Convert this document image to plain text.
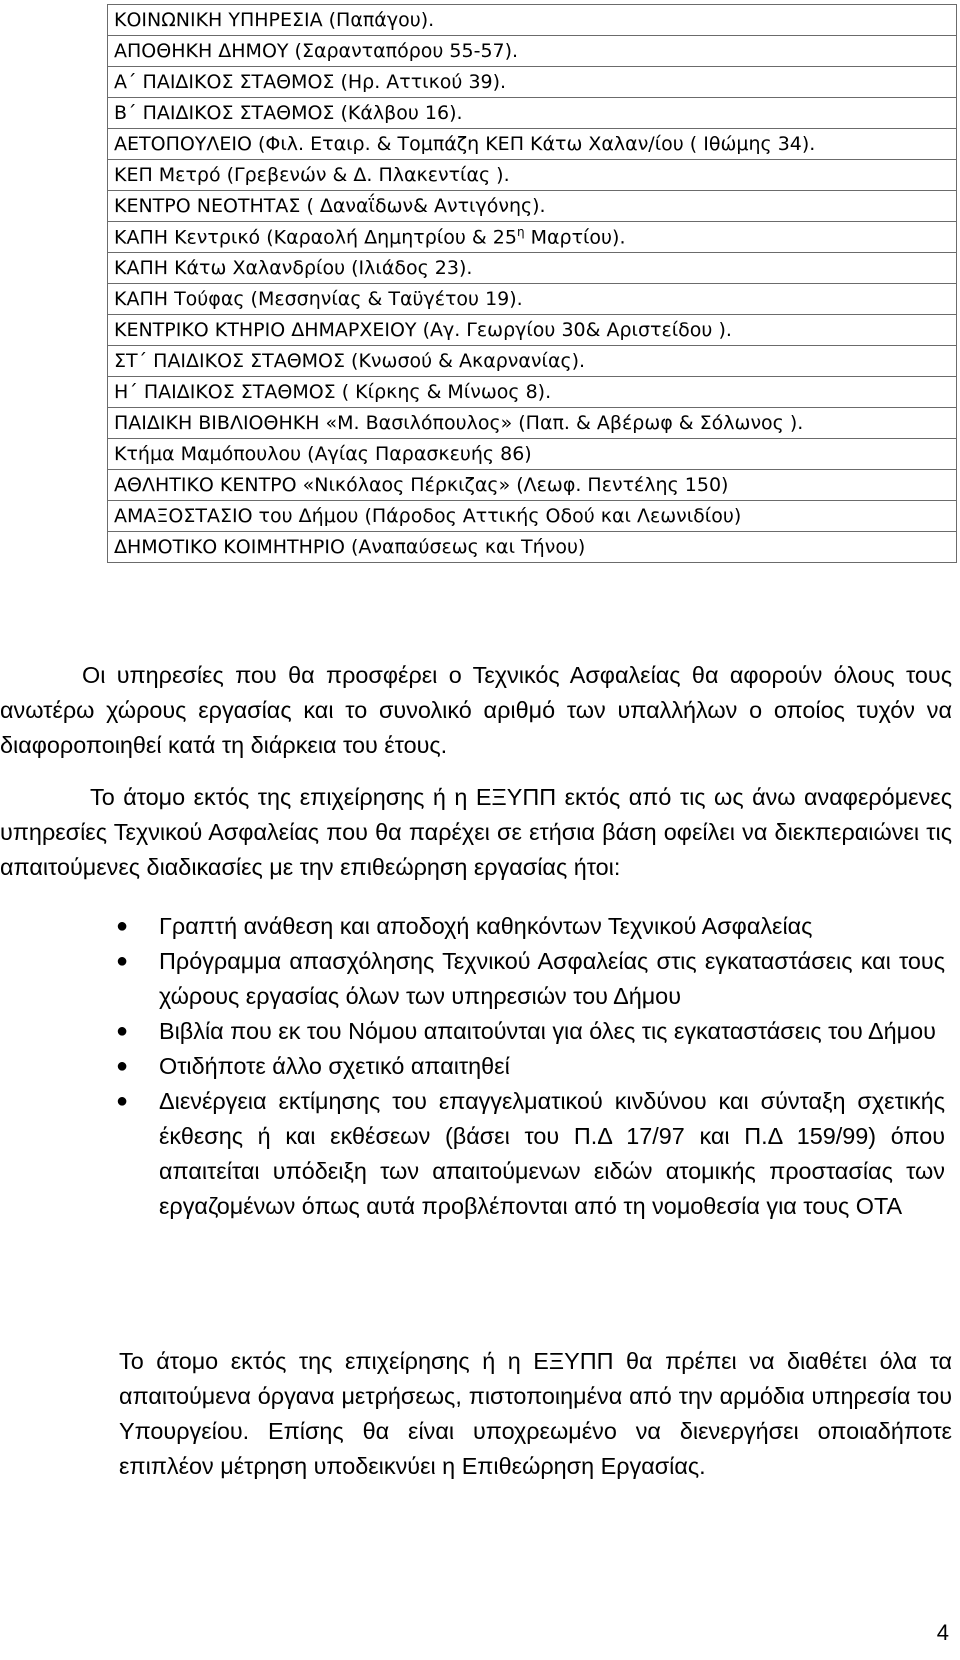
ΚΟΙΝΩΝΙΚΗ ΥΠΗΡΕΣΙΑ (Παπάγου).
ΑΠΟΘΗΚΗ ΔΗΜΟΥ (Σαρανταπόρου 55-57).
Α΄ ΠΑΙΔΙΚΟΣ ΣΤΑΘΜΟΣ (Ηρ. Αττικού 39).
Β΄ ΠΑΙΔΙΚΟΣ ΣΤΑΘΜΟΣ (Κάλβου 16).
ΑΕΤΟΠΟΥΛΕΙΟ (Φιλ. Εταιρ. & Τομπάζη ΚΕΠ Κάτω Χαλαν/ίου ( Ιθώμης 34).
ΚΕΠ Μετρό (Γρεβενών & Δ. Πλακεντίας ).
ΚΕΝΤΡΟ ΝΕΟΤΗΤΑΣ ( Δαναΐδων& Αντιγόνης).
ΚΑΠΗ Κεντρικό (Καραολή Δημητρίου & $25^\eta$ Μαρτίου).
ΚΑΠΗ Κάτω Χαλανδρίου (Ιλιάδος 23).
ΚΑΠΗ Τούφας (Μεσσηνίας & Ταϋγέτου 19).
ΚΕΝΤΡΙΚΟ ΚΤΗΡΙΟ ΔΗΜΑΡΧΕΙΟΥ (Αγ. Γεωργίου 30& Αριστείδου ).
ΣΤ΄ ΠΑΙΔΙΚΟΣ ΣΤΑΘΜΟΣ (Κνωσού & Ακαρνανίας).
Η΄ ΠΑΙΔΙΚΟΣ ΣΤΑΘΜΟΣ ( Κίρκης & Μίνωος 8).
ΠΑΙΔΙΚΗ ΒΙΒΛΙΟΘΗΚΗ «Μ. Βασιλόπουλος» (Παπ. & Αβέρωφ & Σόλωνος ).
Κτήμα Μαμόπουλου (Αγίας Παρασκευής 86)
ΑΘΛΗΤΙΚΟ ΚΕΝΤΡΟ «Νικόλαος Πέρκιζας» (Λεωφ. Πεντέλης 150)
ΑΜΑΞΟΣΤΑΣΙΟ του Δήμου (Πάροδος Αττικής Οδού και Λεωνιδίου)
ΔΗΜΟΤΙΚΟ ΚΟΙΜΗΤΗΡΙΟ (Αναπαύσεως και Τήνου)

Οι υπηρεσίες που θα προσφέρει ο Τεχνικός Ασφαλείας θα αφορούν όλους τους ανωτέρω χώρους εργασίας και το συνολικό αριθμό των υπαλλήλων ο οποίος τυχόν να διαφοροποιηθεί κατά τη διάρκεια του έτους.

Το άτομο εκτός της επιχείρησης ή η ΕΞΥΠΠ εκτός από τις ως άνω αναφερόμενες υπηρεσίες Τεχνικού Ασφαλείας που θα παρέχει σε ετήσια βάση οφείλει να διεκπεραιώνει τις απαιτούμενες διαδικασίες με την επιθεώρηση εργασίας ήτοι:

● Γραπτή ανάθεση και αποδοχή καθηκόντων Τεχνικού Ασφαλείας
● Πρόγραμμα απασχόλησης Τεχνικού Ασφαλείας στις εγκαταστάσεις και τους χώρους εργασίας όλων των υπηρεσιών του Δήμου
● Βιβλία που εκ του Νόμου απαιτούνται για όλες τις εγκαταστάσεις του Δήμου
● Οτιδήποτε άλλο σχετικό απαιτηθεί
● Διενέργεια εκτίμησης του επαγγελματικού κινδύνου και σύνταξη σχετικής έκθεσης ή και εκθέσεων (βάσει του Π.Δ 17/97 και Π.Δ 159/99) όπου απαιτείται υπόδειξη των απαιτούμενων ειδών ατομικής προστασίας των εργαζομένων όπως αυτά προβλέπονται από τη νομοθεσία για τους ΟΤΑ

Το άτομο εκτός της επιχείρησης ή η ΕΞΥΠΠ θα πρέπει να διαθέτει όλα τα απαιτούμενα όργανα μετρήσεως, πιστοποιημένα από την αρμόδια υπηρεσία του Υπουργείου. Επίσης θα είναι υποχρεωμένο να διενεργήσει οποιαδήποτε επιπλέον μέτρηση υποδεικνύει η Επιθεώρηση Εργασίας.

4
